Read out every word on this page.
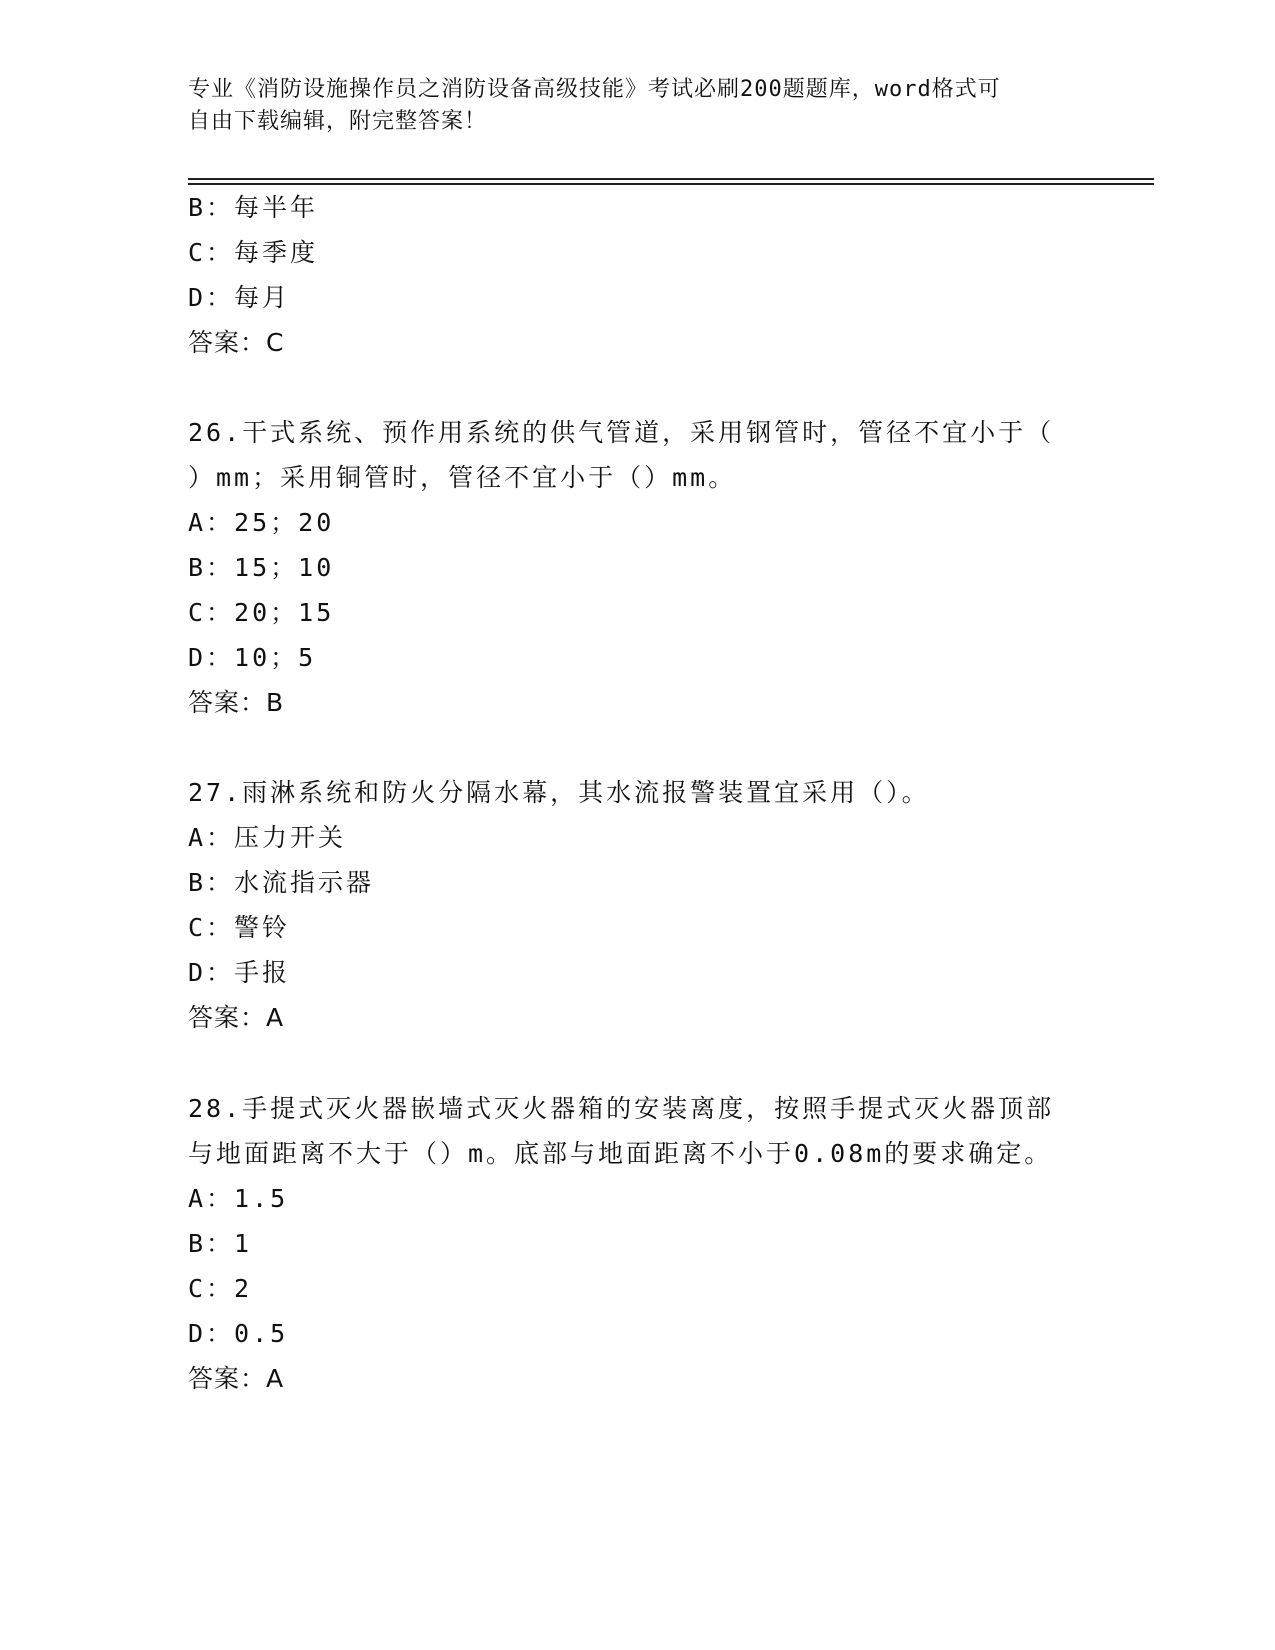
专业《消防设施操作员之消防设备高级技能》考试必刷200题题库，word格式可
自由下载编辑，附完整答案！
B：每半年
C：每季度
D：每月
答案：C
26.干式系统、预作用系统的供气管道，采用钢管时，管径不宜小于（
）mm；采用铜管时，管径不宜小于（）mm。
A：25；20
B：15；10
C：20；15
D：10；5
答案：B
27.雨淋系统和防火分隔水幕，其水流报警装置宜采用（）。
A：压力开关
B：水流指示器
C：警铃
D：手报
答案：A
28.手提式灭火器嵌墙式灭火器箱的安装离度，按照手提式灭火器顶部
与地面距离不大于（）m。底部与地面距离不小于0.08m的要求确定。
A：1.5
B：1
C：2
D：0.5
答案：A
